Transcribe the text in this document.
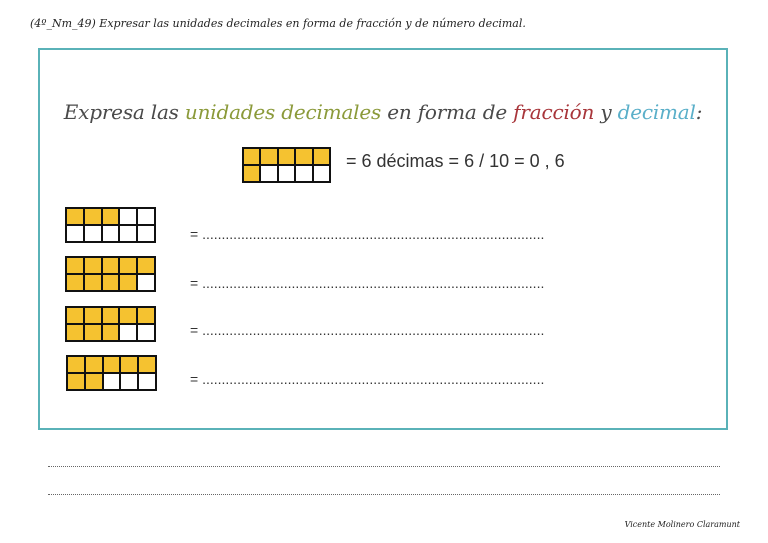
(4º_Nm_49) Expresar las unidades decimales en forma de fracción y de número decimal.
Expresa las unidades decimales en forma de fracción y decimal:
= 6 décimas = 6 / 10 = 0 , 6
= ........................................................................................
= ........................................................................................
= ........................................................................................
= ........................................................................................
Vicente Molinero Claramunt
